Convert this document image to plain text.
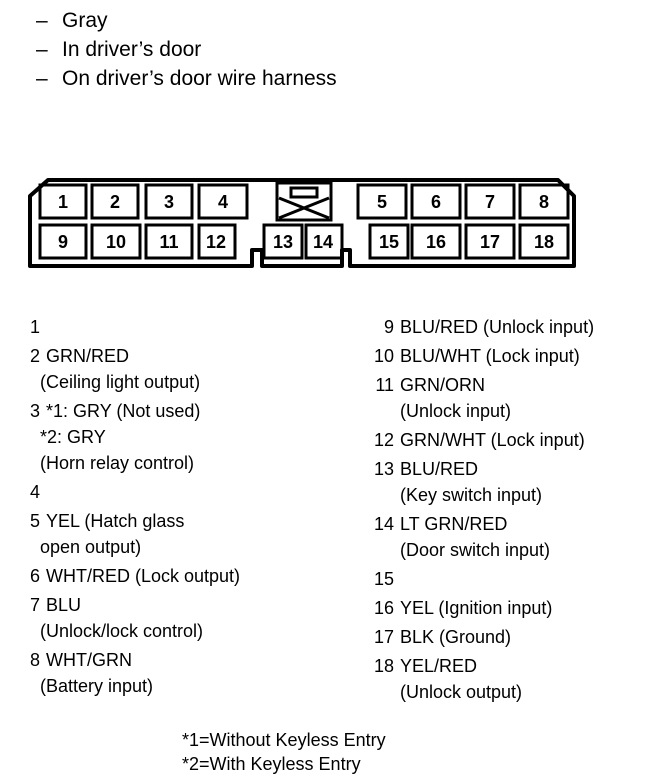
– Gray
– In driver’s door
– On driver’s door wire harness
1 2 3 4	5 6 7 8
9 10 11 12	13 14	15 16 17 18
1
2 GRN/RED
(Ceiling light output)
3 *1: GRY (Not used)
*2: GRY
(Horn relay control)
4
5 YEL (Hatch glass
open output)
6 WHT/RED (Lock output)
7 BLU
(Unlock/lock control)
8 WHT/GRN
(Battery input)
9 BLU/RED (Unlock input)
10 BLU/WHT (Lock input)
11 GRN/ORN
(Unlock input)
12 GRN/WHT (Lock input)
13 BLU/RED
(Key switch input)
14 LT GRN/RED
(Door switch input)
15
16 YEL (Ignition input)
17 BLK (Ground)
18 YEL/RED
(Unlock output)
*1=Without Keyless Entry
*2=With Keyless Entry
